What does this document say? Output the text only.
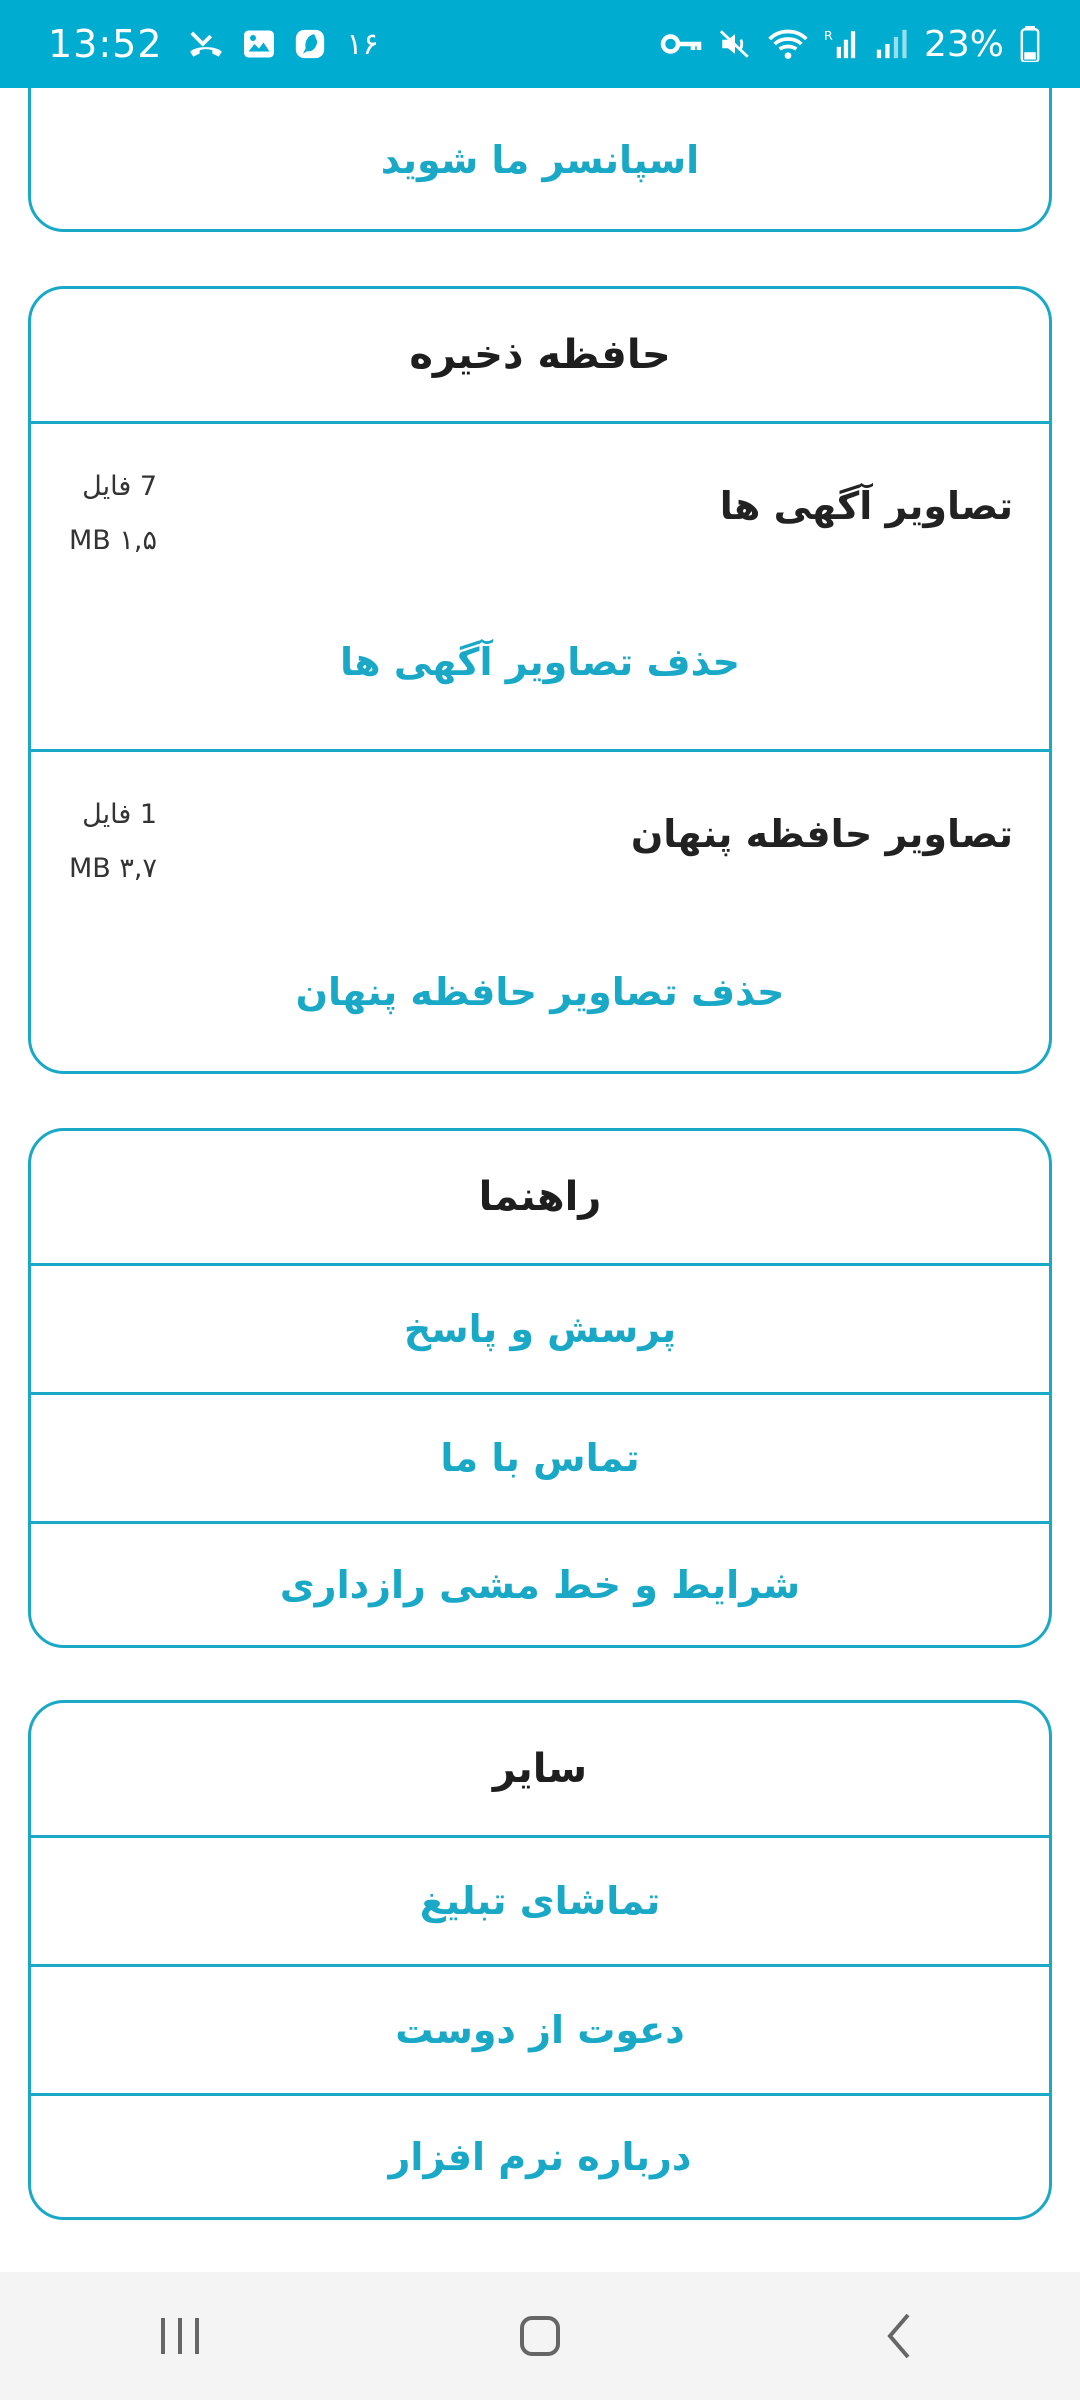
13:52	۱۶	R	23%
اسپانسر ما شوید
حافظه ذخیره
تصاویر آگهی ها
7 فایل
MB ۱,۵
حذف تصاویر آگهی ها
تصاویر حافظه پنهان
1 فایل
MB ۳,۷
حذف تصاویر حافظه پنهان
راهنما
پرسش و پاسخ
تماس با ما
شرایط و خط مشی رازداری
سایر
تماشای تبلیغ
دعوت از دوست
درباره نرم افزار
